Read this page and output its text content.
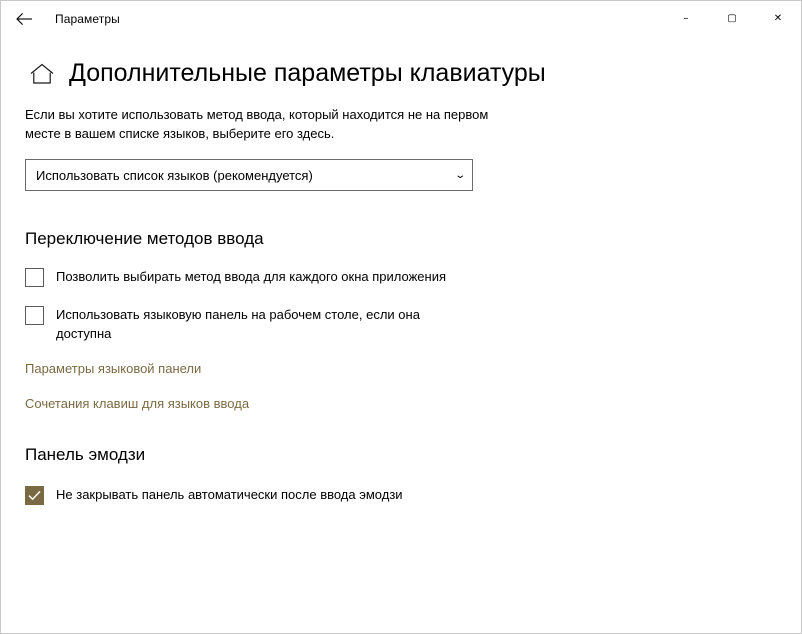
Параметры	–	▢	✕
Дополнительные параметры клавиатуры
Если вы хотите использовать метод ввода, который находится не на первом месте в вашем списке языков, выберите его здесь.
Использовать список языков (рекомендуется)	⌄
Переключение методов ввода
Позволить выбирать метод ввода для каждого окна приложения
Использовать языковую панель на рабочем столе, если она доступна
Параметры языковой панели
Сочетания клавиш для языков ввода
Панель эмодзи
Не закрывать панель автоматически после ввода эмодзи
